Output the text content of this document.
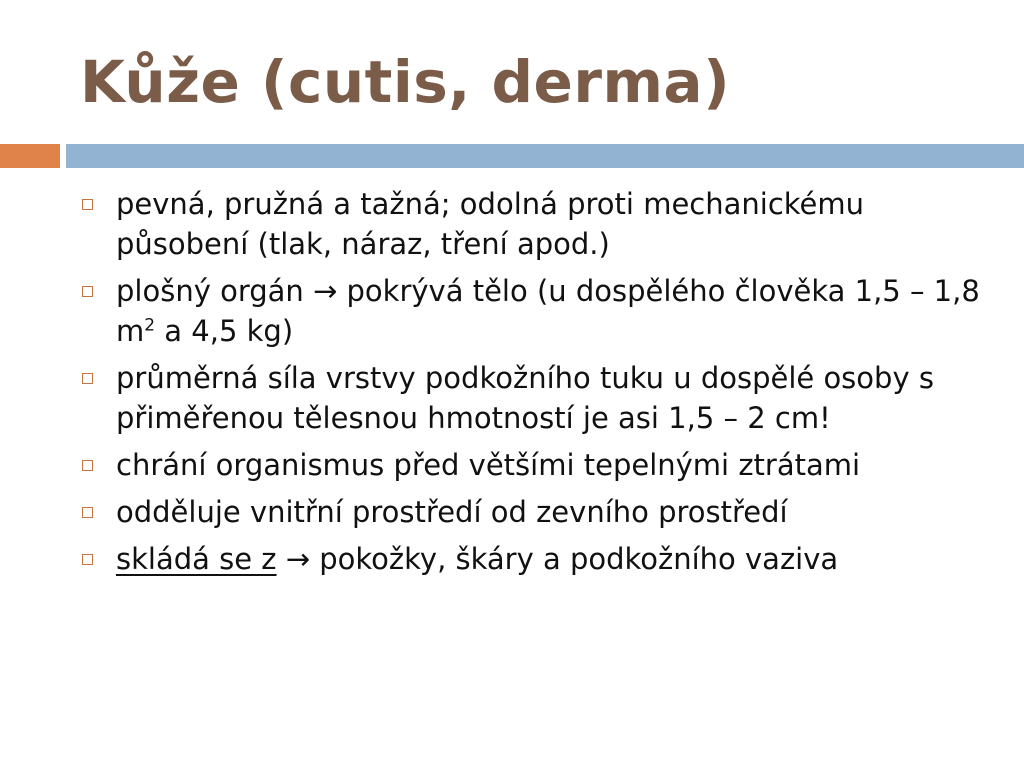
Kůže (cutis, derma)
pevná, pružná a tažná; odolná proti mechanickému působení (tlak, náraz, tření apod.)
plošný orgán → pokrývá tělo (u dospělého člověka 1,5 – 1,8 $m^2$ a 4,5 kg)
průměrná síla vrstvy podkožního tuku u dospělé osoby s přiměřenou tělesnou hmotností je asi 1,5 – 2 cm!
chrání organismus před většími tepelnými ztrátami
odděluje vnitřní prostředí od zevního prostředí
skládá se z → pokožky, škáry a podkožního vaziva
